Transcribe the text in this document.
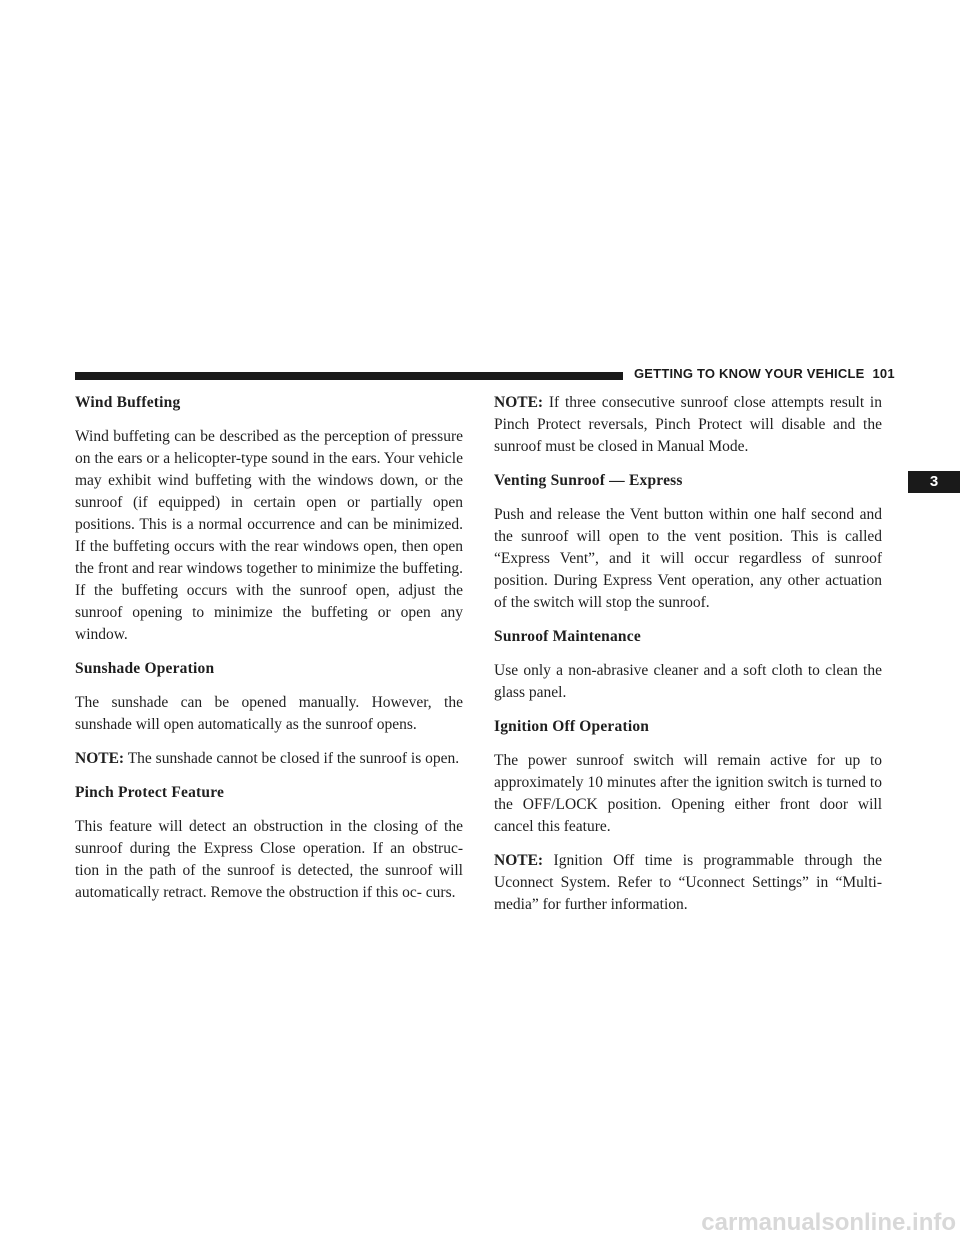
GETTING TO KNOW YOUR VEHICLE 101
3
Wind Buffeting

Wind buffeting can be described as the perception of pressure on the ears or a helicopter-type sound in the ears. Your vehicle may exhibit wind buffeting with the windows down, or the sunroof (if equipped) in certain open or partially open positions. This is a normal occurrence and can be minimized. If the buffeting occurs with the rear windows open, then open the front and rear windows together to minimize the buffeting. If the buffeting occurs with the sunroof open, adjust the sunroof opening to minimize the buffeting or open any window.

Sunshade Operation

The sunshade can be opened manually. However, the sunshade will open automatically as the sunroof opens.

NOTE: The sunshade cannot be closed if the sunroof is open.

Pinch Protect Feature

This feature will detect an obstruction in the closing of the sunroof during the Express Close operation. If an obstruc- tion in the path of the sunroof is detected, the sunroof will automatically retract. Remove the obstruction if this oc- curs.

NOTE: If three consecutive sunroof close attempts result in Pinch Protect reversals, Pinch Protect will disable and the sunroof must be closed in Manual Mode.

Venting Sunroof — Express

Push and release the Vent button within one half second and the sunroof will open to the vent position. This is called “Express Vent”, and it will occur regardless of sunroof position. During Express Vent operation, any other actuation of the switch will stop the sunroof.

Sunroof Maintenance

Use only a non-abrasive cleaner and a soft cloth to clean the glass panel.

Ignition Off Operation

The power sunroof switch will remain active for up to approximately 10 minutes after the ignition switch is turned to the OFF/LOCK position. Opening either front door will cancel this feature.

NOTE: Ignition Off time is programmable through the Uconnect System. Refer to “Uconnect Settings” in “Multi- media” for further information.

carmanualsonline.info
